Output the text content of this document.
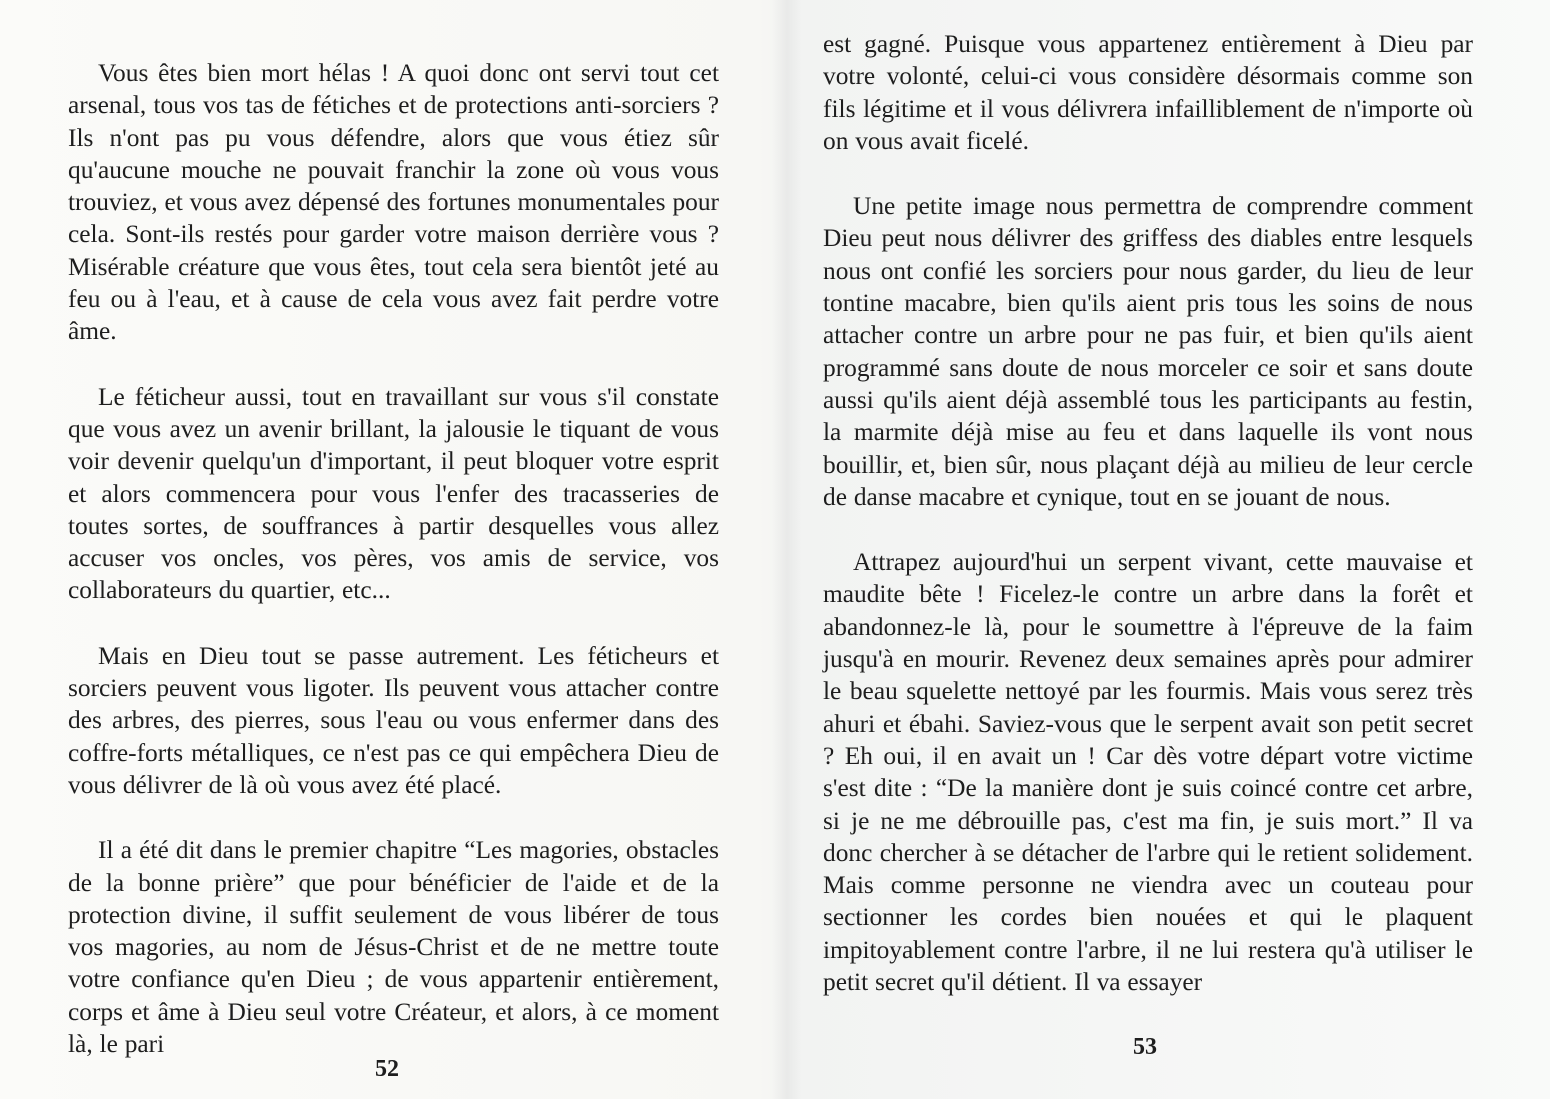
Vous êtes bien mort hélas ! A quoi donc ont servi tout cet arsenal, tous vos tas de fétiches et de protections anti-sorciers ? Ils n'ont pas pu vous défendre, alors que vous étiez sûr qu'aucune mouche ne pouvait franchir la zone où vous vous trouviez, et vous avez dépensé des fortunes monumentales pour cela. Sont-ils restés pour garder votre maison derrière vous ? Misérable créature que vous êtes, tout cela sera bientôt jeté au feu ou à l'eau, et à cause de cela vous avez fait perdre votre âme.

Le féticheur aussi, tout en travaillant sur vous s'il constate que vous avez un avenir brillant, la jalousie le tiquant de vous voir devenir quelqu'un d'important, il peut bloquer votre esprit et alors commencera pour vous l'enfer des tracasseries de toutes sortes, de souffrances à partir desquelles vous allez accuser vos oncles, vos pères, vos amis de service, vos collaborateurs du quartier, etc...

Mais en Dieu tout se passe autrement. Les féticheurs et sorciers peuvent vous ligoter. Ils peuvent vous attacher contre des arbres, des pierres, sous l'eau ou vous enfermer dans des coffre-forts métalliques, ce n'est pas ce qui empêchera Dieu de vous délivrer de là où vous avez été placé.

Il a été dit dans le premier chapitre “Les magories, obstacles de la bonne prière” que pour bénéficier de l'aide et de la protection divine, il suffit seulement de vous libérer de tous vos magories, au nom de Jésus-Christ et de ne mettre toute votre confiance qu'en Dieu ; de vous appartenir entièrement, corps et âme à Dieu seul votre Créateur, et alors, à ce moment là, le pari

52

est gagné. Puisque vous appartenez entièrement à Dieu par votre volonté, celui-ci vous considère désormais comme son fils légitime et il vous délivrera infailliblement de n'importe où on vous avait ficelé.

Une petite image nous permettra de comprendre comment Dieu peut nous délivrer des griffess des diables entre lesquels nous ont confié les sorciers pour nous garder, du lieu de leur tontine macabre, bien qu'ils aient pris tous les soins de nous attacher contre un arbre pour ne pas fuir, et bien qu'ils aient programmé sans doute de nous morceler ce soir et sans doute aussi qu'ils aient déjà assemblé tous les participants au festin, la marmite déjà mise au feu et dans laquelle ils vont nous bouillir, et, bien sûr, nous plaçant déjà au milieu de leur cercle de danse macabre et cynique, tout en se jouant de nous.

Attrapez aujourd'hui un serpent vivant, cette mauvaise et maudite bête ! Ficelez-le contre un arbre dans la forêt et abandonnez-le là, pour le soumettre à l'épreuve de la faim jusqu'à en mourir. Revenez deux semaines après pour admirer le beau squelette nettoyé par les fourmis. Mais vous serez très ahuri et ébahi. Saviez-vous que le serpent avait son petit secret ? Eh oui, il en avait un ! Car dès votre départ votre victime s'est dite : “De la manière dont je suis coincé contre cet arbre, si je ne me débrouille pas, c'est ma fin, je suis mort.” Il va donc chercher à se détacher de l'arbre qui le retient solidement. Mais comme personne ne viendra avec un couteau pour sectionner les cordes bien nouées et qui le plaquent impitoyablement contre l'arbre, il ne lui restera qu'à utiliser le petit secret qu'il détient. Il va essayer

53
